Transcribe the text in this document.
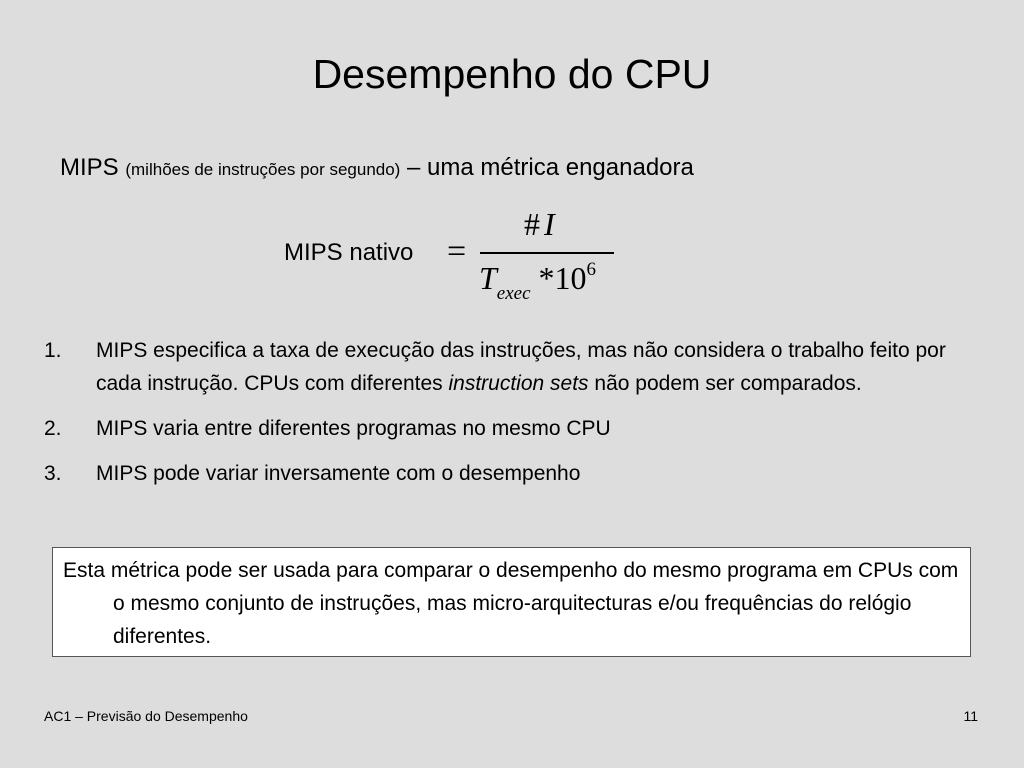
Desempenho do CPU
MIPS (milhões de instruções por segundo) – uma métrica enganadora
MIPS nativo =
# I
$T_{exec}$ $*10^6$
1. MIPS especifica a taxa de execução das instruções, mas não considera o trabalho feito por cada instrução. CPUs com diferentes instruction sets não podem ser comparados.
2. MIPS varia entre diferentes programas no mesmo CPU
3. MIPS pode variar inversamente com o desempenho

Esta métrica pode ser usada para comparar o desempenho do mesmo programa em CPUs com o mesmo conjunto de instruções, mas micro-arquitecturas e/ou frequências do relógio diferentes.

AC1 – Previsão do Desempenho	11
